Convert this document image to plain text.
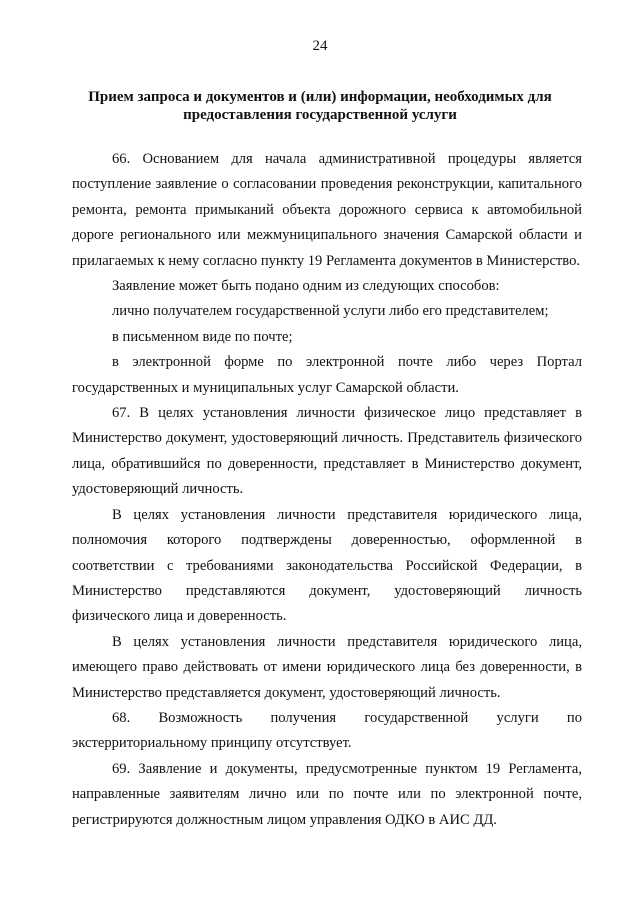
24
Прием запроса и документов и (или) информации, необходимых для
предоставления государственной услуги

66. Основанием для начала административной процедуры является поступление заявление о согласовании проведения реконструкции, капитального ремонта, ремонта примыканий объекта дорожного сервиса к автомобильной дороге регионального или межмуниципального значения Самарской области и прилагаемых к нему согласно пункту 19 Регламента документов в Министерство.

Заявление может быть подано одним из следующих способов:

лично получателем государственной услуги либо его представителем;

в письменном виде по почте;

в электронной форме по электронной почте либо через Портал государственных и муниципальных услуг Самарской области.

67. В целях установления личности физическое лицо представляет в Министерство документ, удостоверяющий личность. Представитель физического лица, обратившийся по доверенности, представляет в Министерство документ, удостоверяющий личность.

В целях установления личности представителя юридического лица, полномочия которого подтверждены доверенностью, оформленной в соответствии с требованиями законодательства Российской Федерации, в Министерство представляются документ, удостоверяющий личность физического лица и доверенность.

В целях установления личности представителя юридического лица, имеющего право действовать от имени юридического лица без доверенности, в Министерство представляется документ, удостоверяющий личность.

68. Возможность получения государственной услуги по экстерриториальному принципу отсутствует.

69. Заявление и документы, предусмотренные пунктом 19 Регламента, направленные заявителям лично или по почте или по электронной почте, регистрируются должностным лицом управления ОДКО в АИС ДД.
